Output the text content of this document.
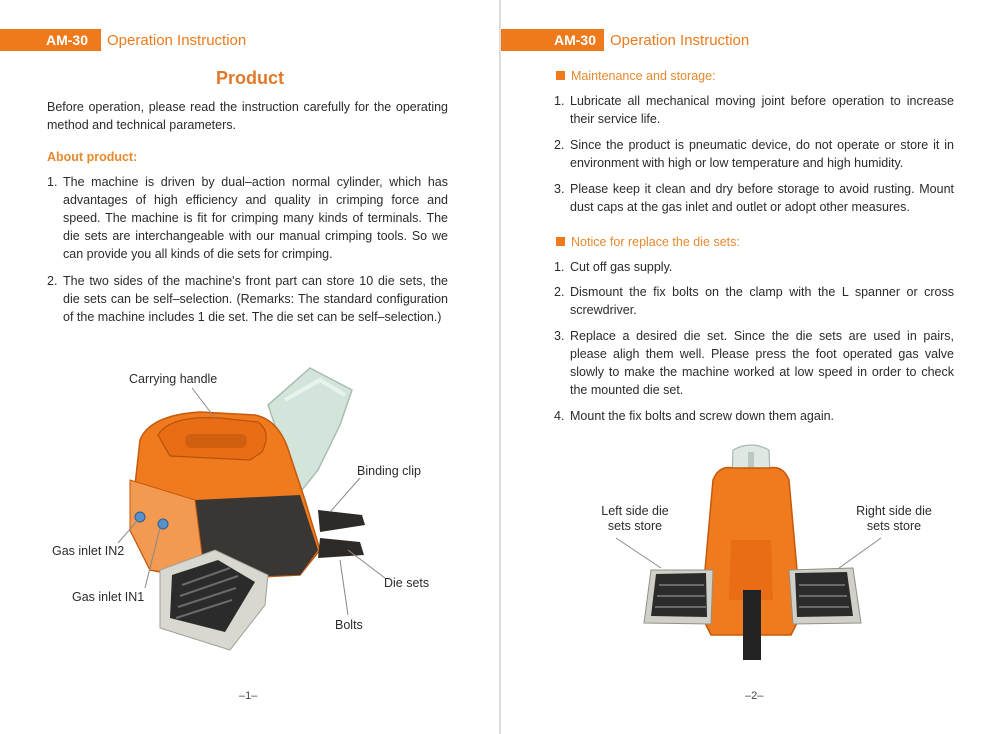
AM-30	Operation Instruction
Product
Before operation, please read the instruction carefully for the operating method and technical parameters.
About product:
1. The machine is driven by dual–action normal cylinder, which has advantages of high efficiency and quality in crimping force and speed. The machine is fit for crimping many kinds of terminals. The die sets are interchangeable with our manual crimping tools. So we can provide you all kinds of die sets for crimping.
2. The two sides of the machine's front part can store 10 die sets, the die sets can be self–selection. (Remarks: The standard configuration of the machine includes 1 die set. The die set can be self–selection.)
Carrying handle
Binding clip
Gas inlet IN2
Die sets
Gas inlet IN1
Bolts
–1–
AM-30 Operation Instruction
Maintenance and storage:
1. Lubricate all mechanical moving joint before operation to increase their service life.
2. Since the product is pneumatic device, do not operate or store it in environment with high or low temperature and high humidity.
3. Please keep it clean and dry before storage to avoid rusting. Mount dust caps at the gas inlet and outlet or adopt other measures.
Notice for replace the die sets:
1. Cut off gas supply.
2. Dismount the fix bolts on the clamp with the L spanner or cross screwdriver.
3. Replace a desired die set. Since the die sets are used in pairs, please aligh them well. Please press the foot operated gas valve slowly to make the machine worked at low speed in order to check the mounted die set.
4. Mount the fix bolts and screw down them again.
Left side die
sets store
Right side die
sets store
–2–
